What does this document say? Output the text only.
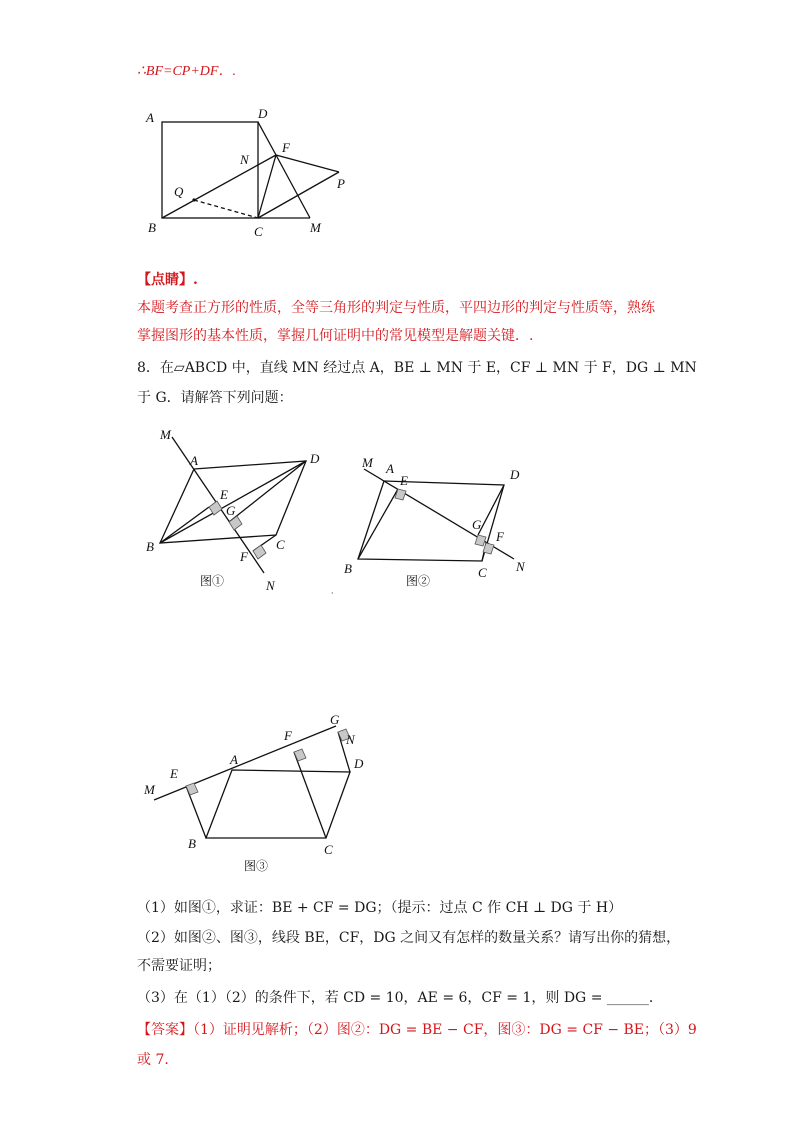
∴BF=CP+DF．.
A
B	C
D
N
F
P
Q
M
【点睛】.
本题考查正方形的性质，全等三角形的判定与性质，平四边形的判定与性质等，熟练
掌握图形的基本性质，掌握几何证明中的常见模型是解题关键．.
8．在▱ABCD 中，直线 MN 经过点 A，BE ⊥ MN 于 E，CF ⊥ MN 于 F，DG ⊥ MN
于 G．请解答下列问题：
M
A	D
E
G
B
F
C
N
图①
M A
E	D
G
F
B	C N
图②
·
G
F	N
E
A	D
M
B	C
图③
（1）如图①，求证：BE + CF = DG；（提示：过点 C 作 CH ⊥ DG 于 H）
（2）如图②、图③，线段 BE，CF，DG 之间又有怎样的数量关系？请写出你的猜想，
不需要证明；
（3）在（1）（2）的条件下，若 CD = 10，AE = 6，CF = 1，则 DG = ______．
【答案】（1）证明见解析；（2）图②：DG = BE − CF，图③：DG = CF − BE；（3）9
或 7.
